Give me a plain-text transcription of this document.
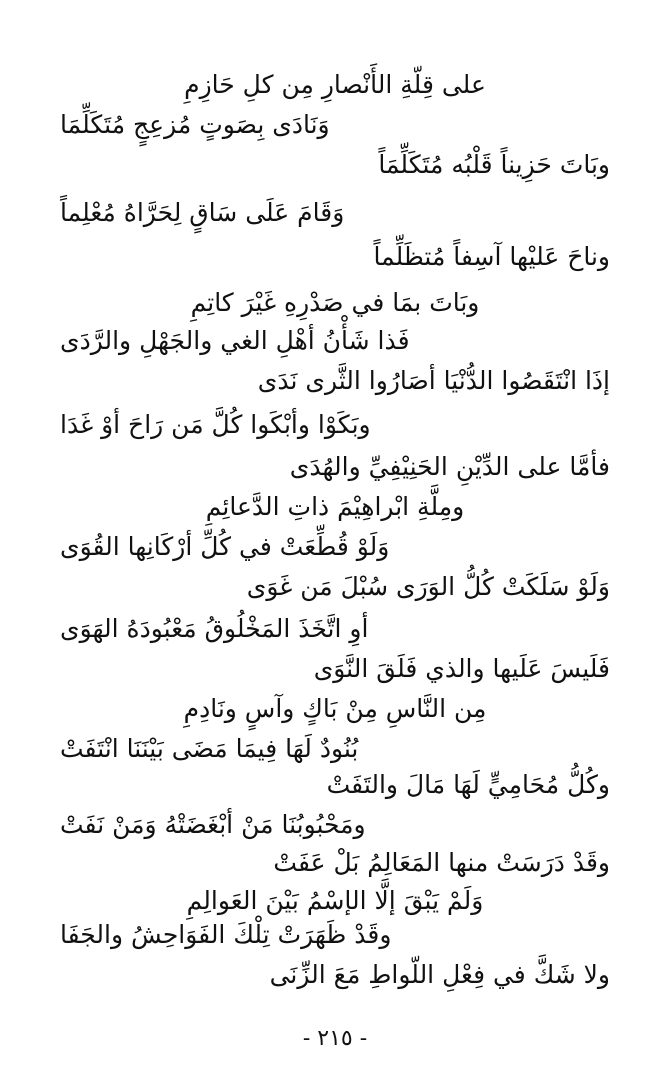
على قِلّةِ الأَنْصارِ مِن كلِ حَازِمِ
وَنَادَى بِصَوتٍ مُزعِجٍ مُتَكَلِّمَا
وبَاتَ حَزِيناً قَلْبُه مُتَكَلِّمَاً
وَقَامَ عَلَى سَاقٍ لِحَرَّاهُ مُعْلِماً
وناحَ عَليْها آسِفاً مُتظَلِّماً
وبَاتَ بمَا في صَدْرِهِ غَيْرَ كاتِمِ
فَذا شَأْنُ أهْلِ الغي والجَهْلِ والرَّدَى
إذَا انْتَقَصُوا الدُّنْيَا أصَارُوا الثَّرى نَدَى
وبَكَوْا وأبْكَوا كُلَّ مَن رَاحَ أوْ غَدَا
فأمَّا على الدِّيْنِ الحَنِيْفِيِّ والهُدَى
ومِلَّةِ ابْراهِيْمَ ذاتِ الدَّعائِمِ
وَلَوْ قُطِّعَتْ في كُلِّ أرْكَانِها القُوَى
وَلَوْ سَلَكَتْ كُلُّ الوَرَى سُبْلَ مَن غَوَى
أوِ اتَّخَذَ المَخْلُوقُ مَعْبُودَهُ الهَوَى
فَلَيسَ عَلَيها والذي فَلَقَ النَّوَى
مِن النَّاسِ مِنْ بَاكٍ وآسٍ ونَادِمِ
بُنُودٌ لَهَا فِيمَا مَضَى بَيْنَنَا انْتَفَتْ
وكُلُّ مُحَامِيٍّ لَهَا مَالَ والتَفَتْ
ومَحْبُوبُنَا مَنْ أبْغَضَتْهُ وَمَنْ نَفَتْ
وقَدْ دَرَسَتْ منها المَعَالِمُ بَلْ عَفَتْ
وَلَمْ يَبْقَ إلَّا الإسْمُ بَيْنَ العَوالِمِ
وقَدْ ظَهَرَتْ تِلْكَ الفَوَاحِشُ والجَفَا
ولا شَكَّ في فِعْلِ اللّواطِ مَعَ الزِّنَى
- ٢١٥ -
